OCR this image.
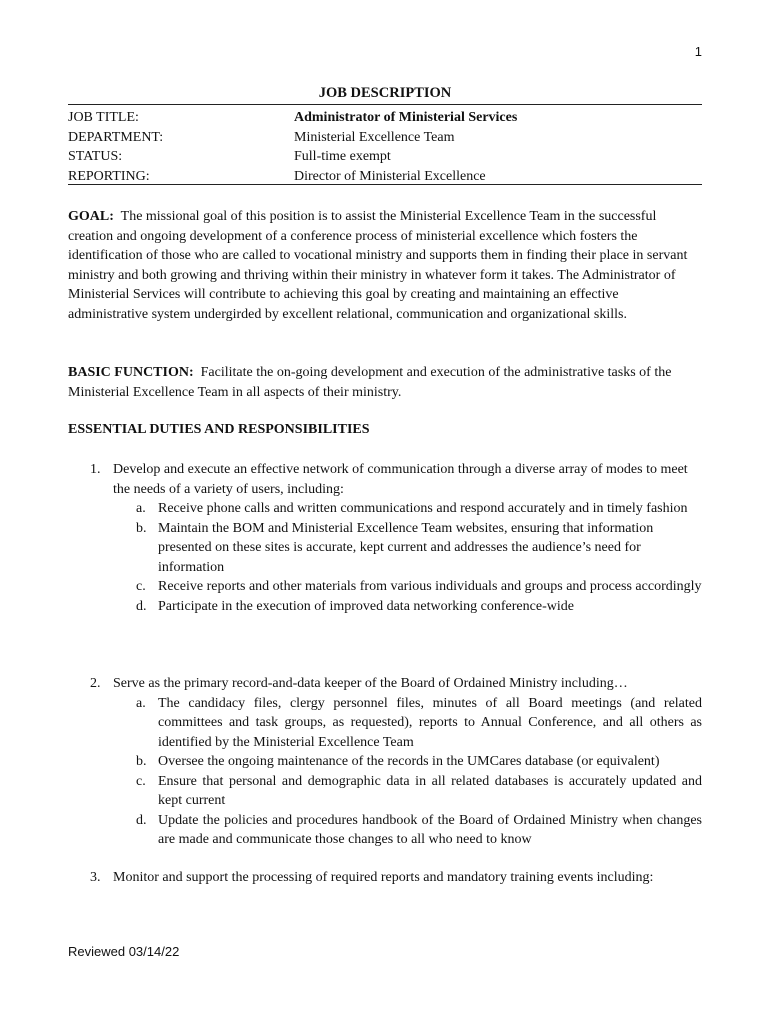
1
JOB DESCRIPTION
JOB TITLE:	Administrator of Ministerial Services
DEPARTMENT:	Ministerial Excellence Team
STATUS:	Full-time exempt
REPORTING:	Director of Ministerial Excellence

GOAL: The missional goal of this position is to assist the Ministerial Excellence Team in the successful creation and ongoing development of a conference process of ministerial excellence which fosters the identification of those who are called to vocational ministry and supports them in finding their place in servant ministry and both growing and thriving within their ministry in whatever form it takes. The Administrator of Ministerial Services will contribute to achieving this goal by creating and maintaining an effective administrative system undergirded by excellent relational, communication and organizational skills.

BASIC FUNCTION: Facilitate the on-going development and execution of the administrative tasks of the Ministerial Excellence Team in all aspects of their ministry.

ESSENTIAL DUTIES AND RESPONSIBILITIES
1. Develop and execute an effective network of communication through a diverse array of modes to meet the needs of a variety of users, including:
a. Receive phone calls and written communications and respond accurately and in timely fashion
b. Maintain the BOM and Ministerial Excellence Team websites, ensuring that information presented on these sites is accurate, kept current and addresses the audience’s need for information
c. Receive reports and other materials from various individuals and groups and process accordingly
d. Participate in the execution of improved data networking conference-wide
2. Serve as the primary record-and-data keeper of the Board of Ordained Ministry including…
a. The candidacy files, clergy personnel files, minutes of all Board meetings (and related committees and task groups, as requested), reports to Annual Conference, and all others as identified by the Ministerial Excellence Team
b. Oversee the ongoing maintenance of the records in the UMCares database (or equivalent)
c. Ensure that personal and demographic data in all related databases is accurately updated and kept current
d. Update the policies and procedures handbook of the Board of Ordained Ministry when changes are made and communicate those changes to all who need to know
3. Monitor and support the processing of required reports and mandatory training events including:
Reviewed 03/14/22
